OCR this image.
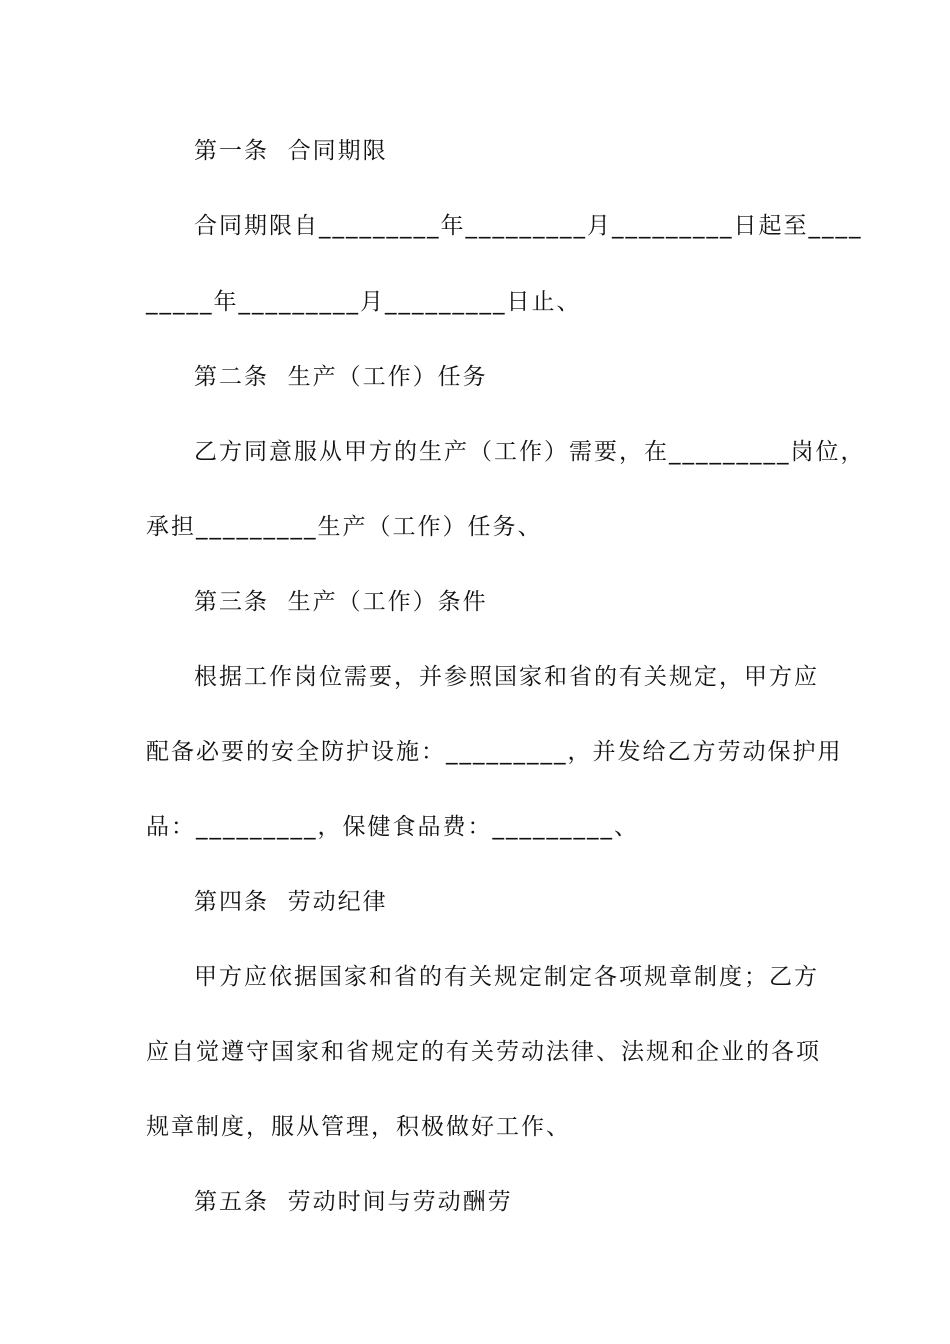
第一条  合同期限
合同期限自_________年_________月_________日起至____
_____年_________月_________日止、
第二条  生产（工作）任务
乙方同意服从甲方的生产（工作）需要，在_________岗位，
承担_________生产（工作）任务、
第三条  生产（工作）条件
根据工作岗位需要，并参照国家和省的有关规定，甲方应
配备必要的安全防护设施：_________，并发给乙方劳动保护用
品：_________，保健食品费：_________、
第四条  劳动纪律
甲方应依据国家和省的有关规定制定各项规章制度；乙方
应自觉遵守国家和省规定的有关劳动法律、法规和企业的各项
规章制度，服从管理，积极做好工作、
第五条  劳动时间与劳动酬劳
